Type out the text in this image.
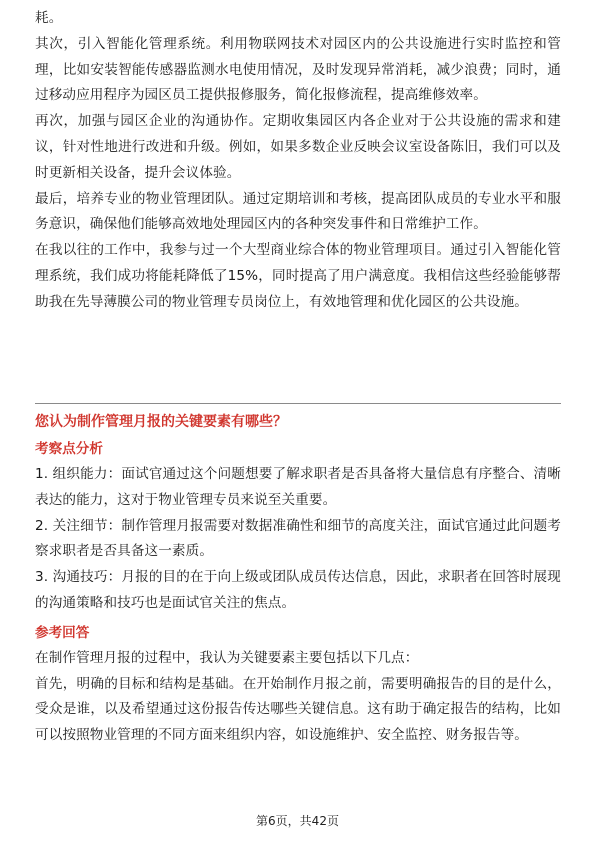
耗。

其次，引入智能化管理系统。利用物联网技术对园区内的公共设施进行实时监控和管理，比如安装智能传感器监测水电使用情况，及时发现异常消耗，减少浪费；同时，通过移动应用程序为园区员工提供报修服务，简化报修流程，提高维修效率。

再次，加强与园区企业的沟通协作。定期收集园区内各企业对于公共设施的需求和建议，针对性地进行改进和升级。例如，如果多数企业反映会议室设备陈旧，我们可以及时更新相关设备，提升会议体验。

最后，培养专业的物业管理团队。通过定期培训和考核，提高团队成员的专业水平和服务意识，确保他们能够高效地处理园区内的各种突发事件和日常维护工作。

在我以往的工作中，我参与过一个大型商业综合体的物业管理项目。通过引入智能化管理系统，我们成功将能耗降低了15%，同时提高了用户满意度。我相信这些经验能够帮助我在先导薄膜公司的物业管理专员岗位上，有效地管理和优化园区的公共设施。

您认为制作管理月报的关键要素有哪些？

考察点分析

1. 组织能力：面试官通过这个问题想要了解求职者是否具备将大量信息有序整合、清晰表达的能力，这对于物业管理专员来说至关重要。

2. 关注细节：制作管理月报需要对数据准确性和细节的高度关注，面试官通过此问题考察求职者是否具备这一素质。

3. 沟通技巧：月报的目的在于向上级或团队成员传达信息，因此，求职者在回答时展现的沟通策略和技巧也是面试官关注的焦点。

参考回答

在制作管理月报的过程中，我认为关键要素主要包括以下几点：

首先，明确的目标和结构是基础。在开始制作月报之前，需要明确报告的目的是什么，受众是谁，以及希望通过这份报告传达哪些关键信息。这有助于确定报告的结构，比如可以按照物业管理的不同方面来组织内容，如设施维护、安全监控、财务报告等。

第6页，共42页
